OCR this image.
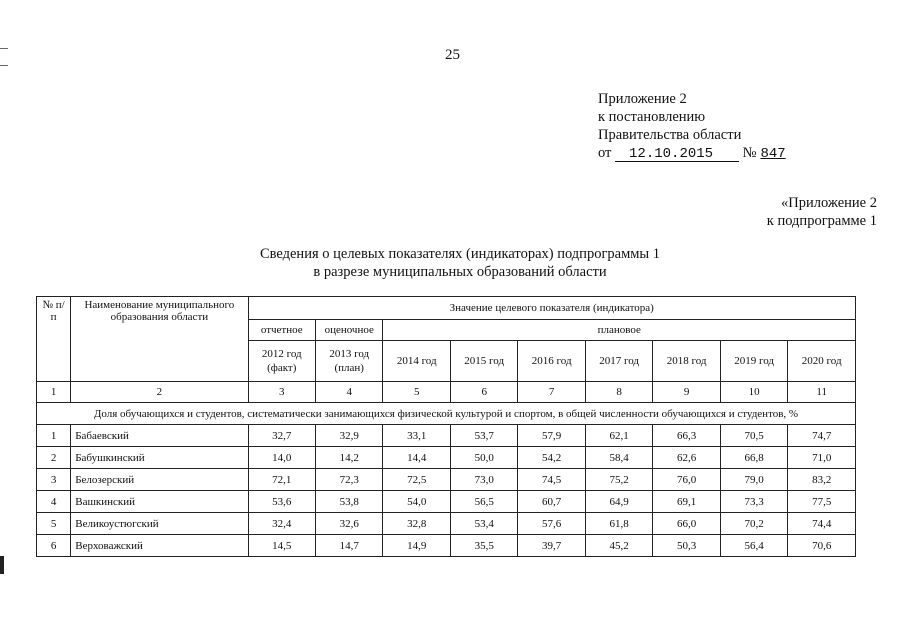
25
Приложение 2
к постановлению
Правительства области
от 12.10.2015 № 847
«Приложение 2
к подпрограмме 1
Сведения о целевых показателях (индикаторах) подпрограммы 1
в разрезе муниципальных образований области
№ п/п	Наименование муниципального образования области	Значение целевого показателя (индикатора)								
		отчетное	оценочное	плановое						
		2012 год (факт)	2013 год (план)	2014 год	2015 год	2016 год	2017 год	2018 год	2019 год	2020 год
1	2	3	4	5	6	7	8	9	10	11
Доля обучающихся и студентов, систематически занимающихся физической культурой и спортом, в общей численности обучающихся и студентов, %										
1	Бабаевский	32,7	32,9	33,1	53,7	57,9	62,1	66,3	70,5	74,7
2	Бабушкинский	14,0	14,2	14,4	50,0	54,2	58,4	62,6	66,8	71,0
3	Белозерский	72,1	72,3	72,5	73,0	74,5	75,2	76,0	79,0	83,2
4	Вашкинский	53,6	53,8	54,0	56,5	60,7	64,9	69,1	73,3	77,5
5	Великоустюгский	32,4	32,6	32,8	53,4	57,6	61,8	66,0	70,2	74,4
6	Верховажский	14,5	14,7	14,9	35,5	39,7	45,2	50,3	56,4	70,6
